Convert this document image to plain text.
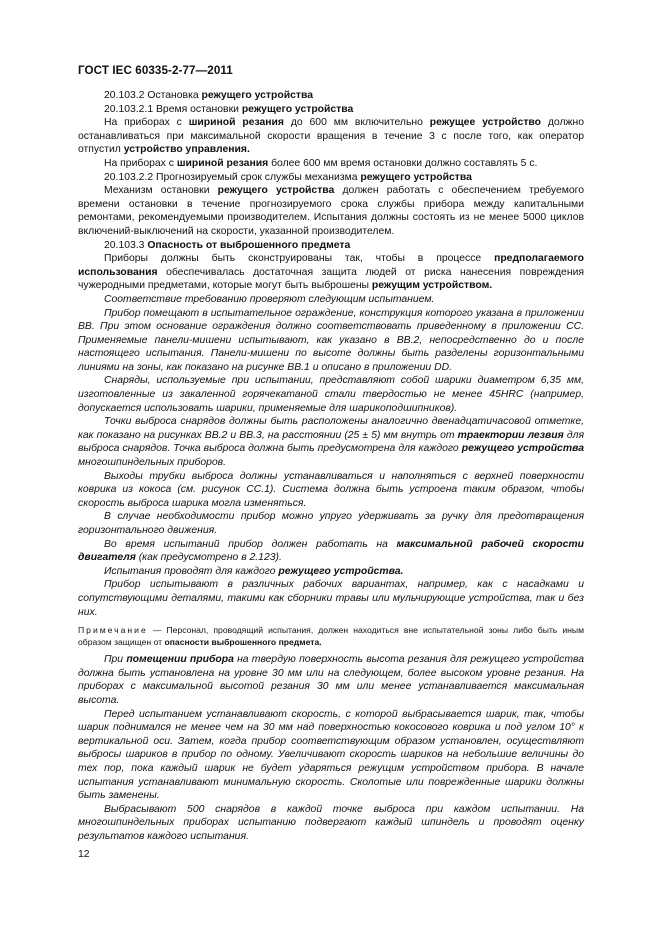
ГОСТ IEC 60335-2-77—2011

20.103.2 Остановка режущего устройства

20.103.2.1 Время остановки режущего устройства

На приборах с шириной резания до 600 мм включительно режущее устройство должно останавливаться при максимальной скорости вращения в течение 3 с после того, как оператор отпустил устройство управления.

На приборах с шириной резания более 600 мм время остановки должно составлять 5 с.

20.103.2.2 Прогнозируемый срок службы механизма режущего устройства

Механизм остановки режущего устройства должен работать с обеспечением требуемого времени остановки в течение прогнозируемого срока службы прибора между капитальными ремонтами, рекомендуемыми производителем. Испытания должны состоять из не менее 5000 циклов включений-выключений на скорости, указанной производителем.

20.103.3 Опасность от выброшенного предмета

Приборы должны быть сконструированы так, чтобы в процессе предполагаемого использования обеспечивалась достаточная защита людей от риска нанесения повреждения чужеродными предметами, которые могут быть выброшены режущим устройством.

Соответствие требованию проверяют следующим испытанием.

Прибор помещают в испытательное ограждение, конструкция которого указана в приложении ВВ. При этом основание ограждения должно соответствовать приведенному в приложении СС. Применяемые панели-мишени испытывают, как указано в ВВ.2, непосредственно до и после настоящего испытания. Панели-мишени по высоте должны быть разделены горизонтальными линиями на зоны, как показано на рисунке ВВ.1 и описано в приложении DD.

Снаряды, используемые при испытании, представляют собой шарики диаметром 6,35 мм, изготовленные из закаленной горячекатаной стали твердостью не менее 45HRC (например, допускается использовать шарики, применяемые для шарикоподшипников).

Точки выброса снарядов должны быть расположены аналогично двенадцатичасовой отметке, как показано на рисунках ВВ.2 и ВВ.3, на расстоянии (25 ± 5) мм внутрь от траектории лезвия для выброса снарядов. Точка выброса должна быть предусмотрена для каждого режущего устройства многошпиндельных приборов.

Выходы трубки выброса должны устанавливаться и наполняться с верхней поверхности коврика из кокоса (см. рисунок СС.1). Система должна быть устроена таким образом, чтобы скорость выброса шарика могла изменяться.

В случае необходимости прибор можно упруго удерживать за ручку для предотвращения горизонтального движения.

Во время испытаний прибор должен работать на максимальной рабочей скорости двигателя (как предусмотрено в 2.123).

Испытания проводят для каждого режущего устройства.

Прибор испытывают в различных рабочих вариантах, например, как с насадками и сопутствующими деталями, такими как сборники травы или мульчирующие устройства, так и без них.

Примечание — Персонал, проводящий испытания, должен находиться вне испытательной зоны либо быть иным образом защищен от опасности выброшенного предмета.

При помещении прибора на твердую поверхность высота резания для режущего устройства должна быть установлена на уровне 30 мм или на следующем, более высоком уровне резания. На приборах с максимальной высотой резания 30 мм или менее устанавливается максимальная высота.

Перед испытанием устанавливают скорость, с которой выбрасывается шарик, так, чтобы шарик поднимался не менее чем на 30 мм над поверхностью кокосового коврика и под углом 10° к вертикальной оси. Затем, когда прибор соответствующим образом установлен, осуществляют выбросы шариков в прибор по одному. Увеличивают скорость шариков на небольшие величины до тех пор, пока каждый шарик не будет ударяться режущим устройством прибора. В начале испытания устанавливают минимальную скорость. Сколотые или поврежденные шарики должны быть заменены.

Выбрасывают 500 снарядов в каждой точке выброса при каждом испытании. На многошпиндельных приборах испытанию подвергают каждый шпиндель и проводят оценку результатов каждого испытания.

12
